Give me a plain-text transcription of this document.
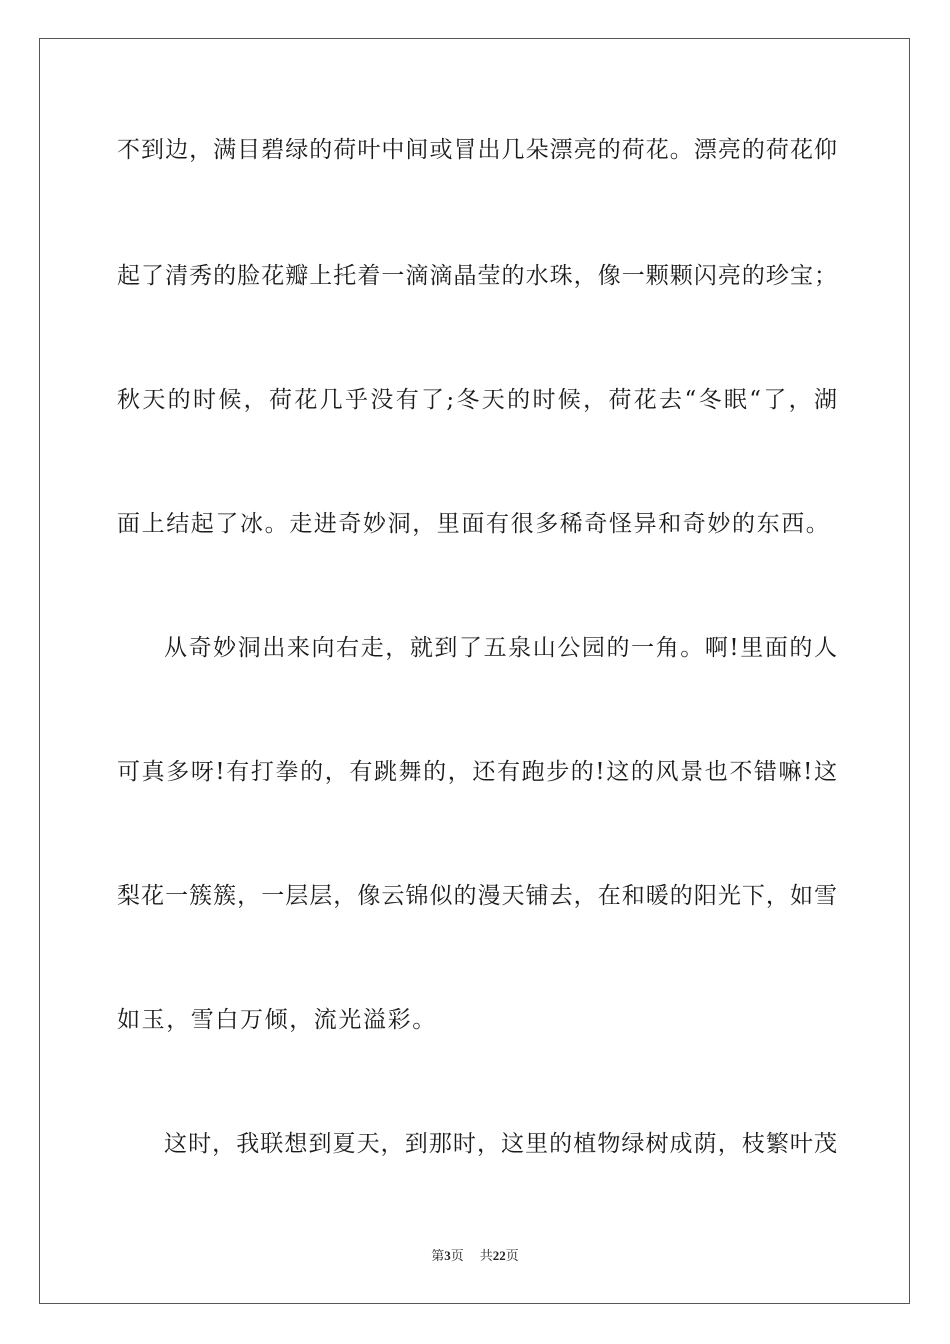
不到边，满目碧绿的荷叶中间或冒出几朵漂亮的荷花。漂亮的荷花仰
起了清秀的脸花瓣上托着一滴滴晶莹的水珠，像一颗颗闪亮的珍宝；
秋天的时候，荷花几乎没有了;冬天的时候，荷花去“冬眠“了，湖
面上结起了冰。走进奇妙洞，里面有很多稀奇怪异和奇妙的东西。
从奇妙洞出来向右走，就到了五泉山公园的一角。啊!里面的人
可真多呀!有打拳的，有跳舞的，还有跑步的!这的风景也不错嘛!这
梨花一簇簇，一层层，像云锦似的漫天铺去，在和暖的阳光下，如雪
如玉，雪白万倾，流光溢彩。
这时，我联想到夏天，到那时，这里的植物绿树成荫，枝繁叶茂
第3页 共22页
